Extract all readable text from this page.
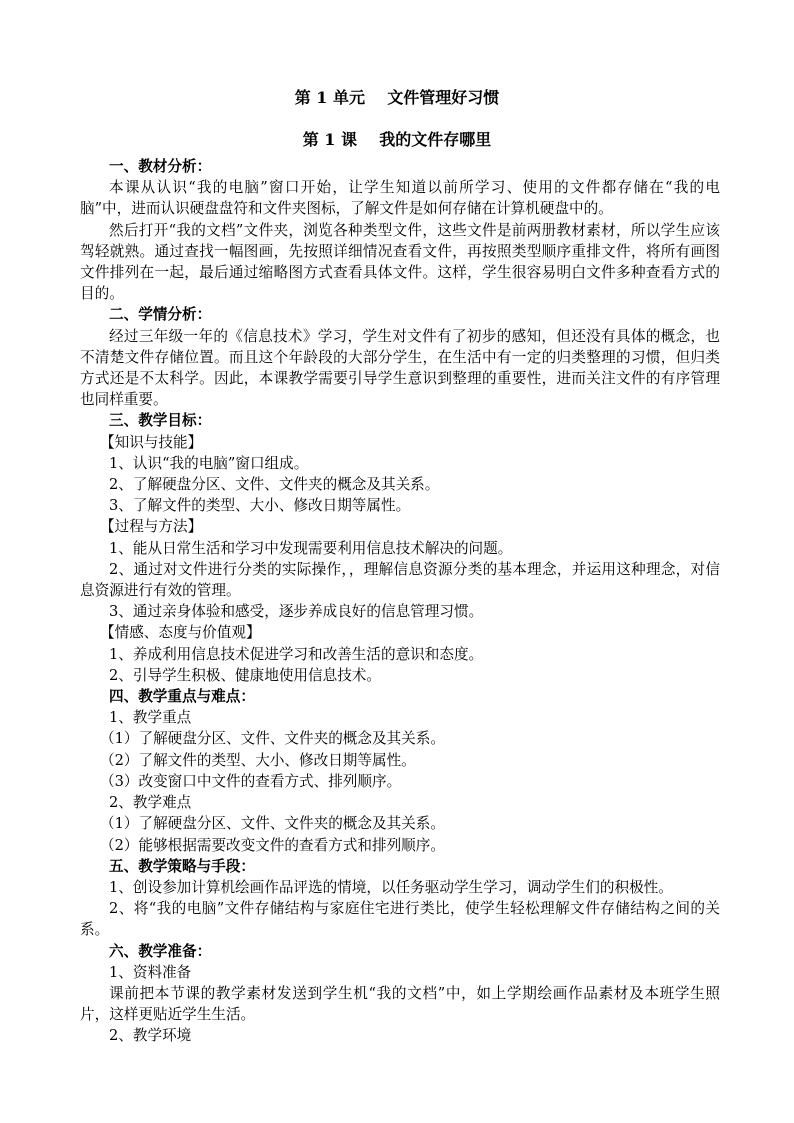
第 1 单元    文件管理好习惯
第 1 课    我的文件存哪里

一、教材分析：

本课从认识“我的电脑”窗口开始，让学生知道以前所学习、使用的文件都存储在“我的电脑”中，进而认识硬盘盘符和文件夹图标，了解文件是如何存储在计算机硬盘中的。

然后打开“我的文档”文件夹，浏览各种类型文件，这些文件是前两册教材素材，所以学生应该驾轻就熟。通过查找一幅图画，先按照详细情况查看文件，再按照类型顺序重排文件，将所有画图文件排列在一起，最后通过缩略图方式查看具体文件。这样，学生很容易明白文件多种查看方式的目的。

二、学情分析：

经过三年级一年的《信息技术》学习，学生对文件有了初步的感知，但还没有具体的概念，也不清楚文件存储位置。而且这个年龄段的大部分学生，在生活中有一定的归类整理的习惯，但归类方式还是不太科学。因此，本课教学需要引导学生意识到整理的重要性，进而关注文件的有序管理也同样重要。

三、教学目标：

【知识与技能】

1、认识“我的电脑”窗口组成。

2、了解硬盘分区、文件、文件夹的概念及其关系。

3、了解文件的类型、大小、修改日期等属性。

【过程与方法】

1、能从日常生活和学习中发现需要利用信息技术解决的问题。

2、通过对文件进行分类的实际操作，，理解信息资源分类的基本理念，并运用这种理念，对信息资源进行有效的管理。

3、通过亲身体验和感受，逐步养成良好的信息管理习惯。

【情感、态度与价值观】

1、养成利用信息技术促进学习和改善生活的意识和态度。

2、引导学生积极、健康地使用信息技术。

四、教学重点与难点：

1、教学重点

（1）了解硬盘分区、文件、文件夹的概念及其关系。

（2）了解文件的类型、大小、修改日期等属性。

（3）改变窗口中文件的查看方式、排列顺序。

2、教学难点

（1）了解硬盘分区、文件、文件夹的概念及其关系。

（2）能够根据需要改变文件的查看方式和排列顺序。

五、教学策略与手段：

1、创设参加计算机绘画作品评选的情境，以任务驱动学生学习，调动学生们的积极性。

2、将“我的电脑”文件存储结构与家庭住宅进行类比，使学生轻松理解文件存储结构之间的关系。

六、教学准备：

1、资料准备

课前把本节课的教学素材发送到学生机“我的文档”中，如上学期绘画作品素材及本班学生照片，这样更贴近学生生活。

2、教学环境
